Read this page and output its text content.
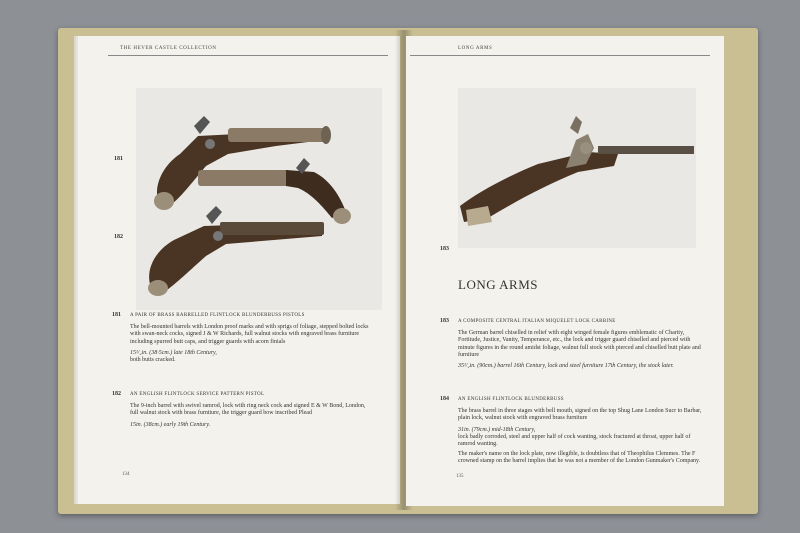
THE HEVER CASTLE COLLECTION
181
182
181 A PAIR OF BRASS BARRELLED FLINTLOCK BLUNDERBUSS PISTOLS
The bell-mounted barrels with London proof marks and with sprigs of foliage, stepped bolted locks with swan-neck cocks, signed J & W Richards, full walnut stocks with engraved brass furniture including spurred butt caps, and trigger guards with acorn finials
15¹/₂in. (38·5cm.) late 18th Century,
both butts cracked.
182 AN ENGLISH FLINTLOCK SERVICE PATTERN PISTOL
The 9-inch barrel with swivel ramrod, lock with ring neck cock and signed E & W Bond, London, full walnut stock with brass furniture, the trigger guard bow inscribed Plead
15in. (38cm.) early 19th Century.
134
LONG ARMS
183
183 A COMPOSITE CENTRAL ITALIAN MIQUELET LOCK CARBINE
The German barrel chiselled in relief with eight winged female figures emblematic of Charity, Fortitude, Justice, Vanity, Temperance, etc., the lock and trigger guard chiselled and pierced with minute figures in the round amidst foliage, walnut full stock with pierced and chiselled butt plate and furniture
35¹/₂in. (90cm.) barrel 16th Century, lock and steel furniture 17th Century, the stock later.
184 AN ENGLISH FLINTLOCK BLUNDERBUSS
The brass barrel in three stages with bell mouth, signed on the top Shug Lane London Sucr to Barbar, plain lock, walnut stock with engraved brass furniture
31in. (79cm.) mid-18th Century,
lock badly corroded, steel and upper half of cock wanting, stock fractured at throat, upper half of ramrod wanting.
The maker's name on the lock plate, now illegible, is doubtless that of Theophilus Clemmes. The F crowned stamp on the barrel implies that he was not a member of the London Gunmaker's Company.
135
LONG ARMS
